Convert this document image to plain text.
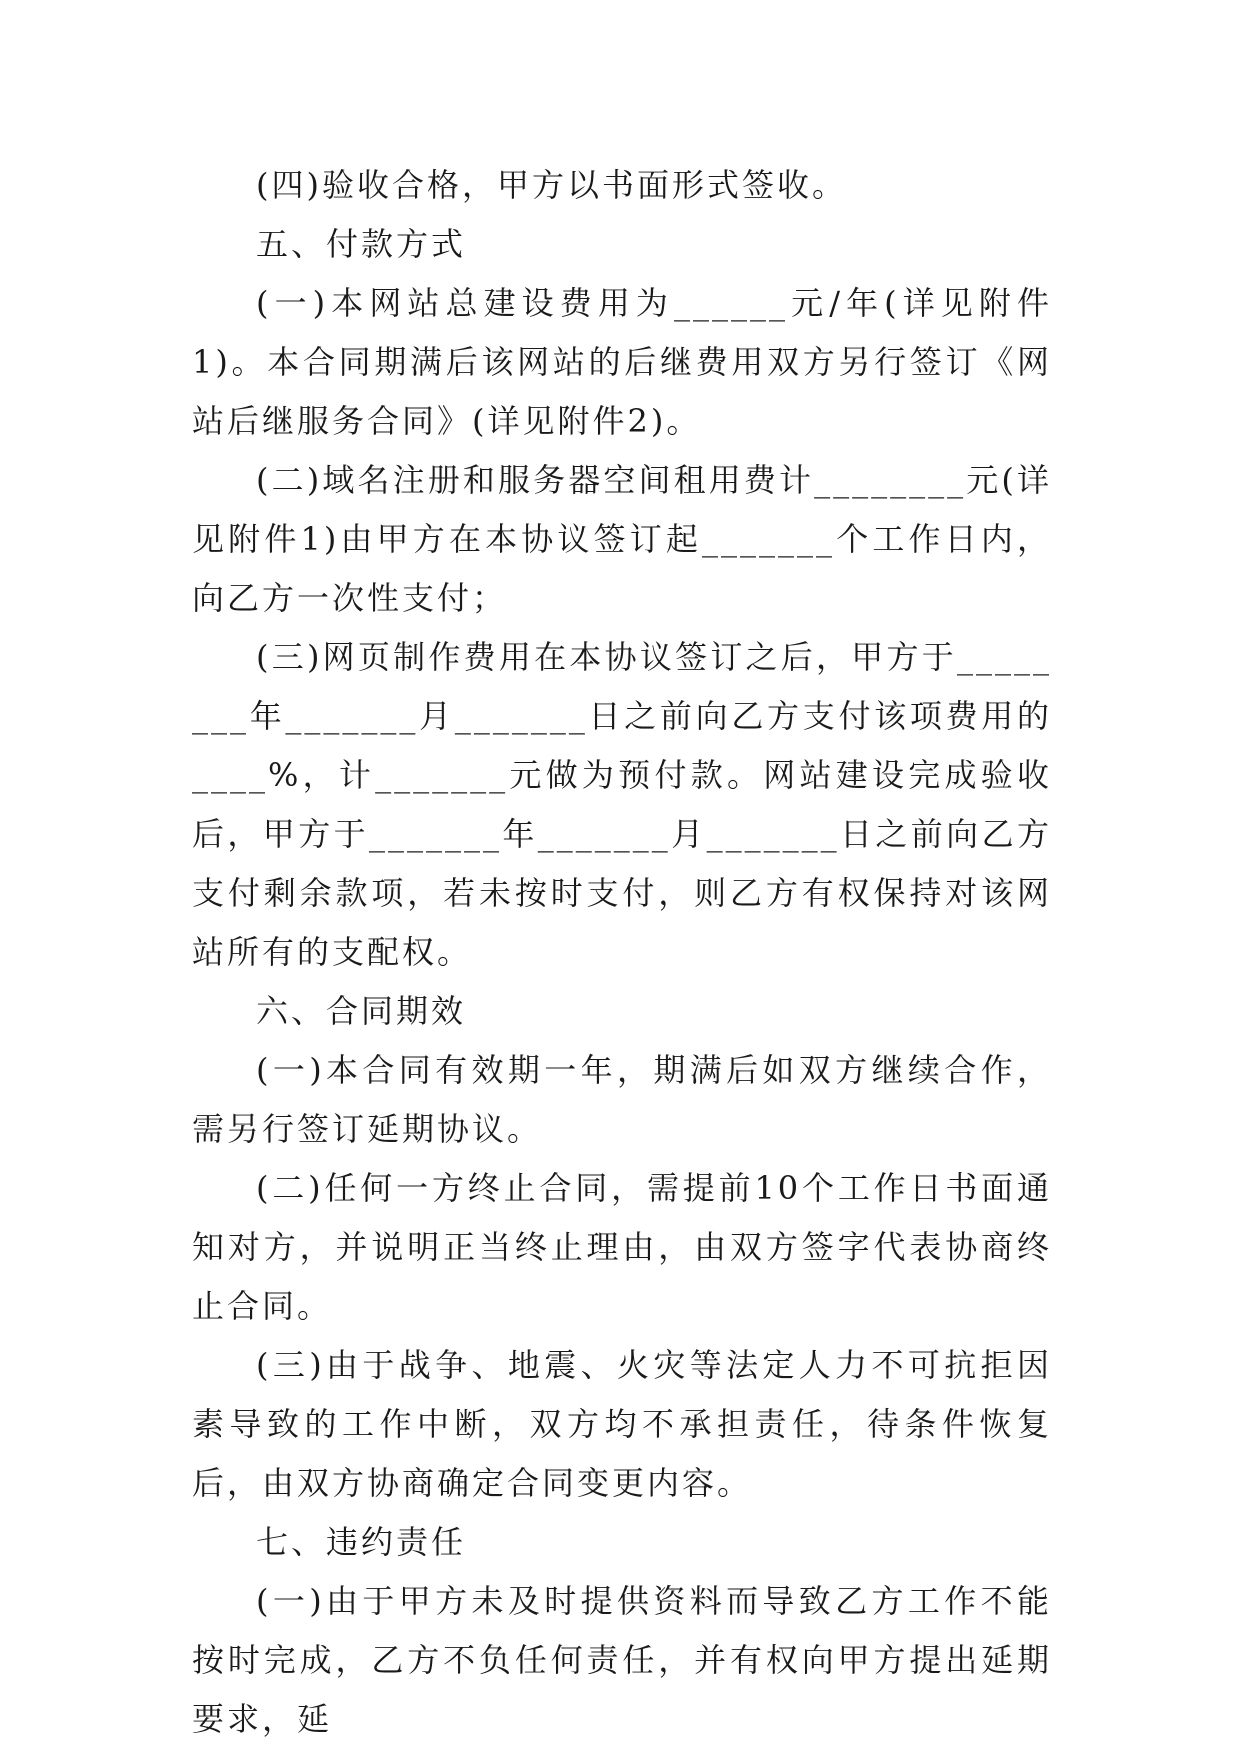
(四)验收合格，甲方以书面形式签收。

五、付款方式

(一)本网站总建设费用为______元/年(详见附件1)。本合同期满后该网站的后继费用双方另行签订《网站后继服务合同》(详见附件2)。

(二)域名注册和服务器空间租用费计________元(详见附件1)由甲方在本协议签订起_______个工作日内，向乙方一次性支付；

(三)网页制作费用在本协议签订之后，甲方于________年_______月_______日之前向乙方支付该项费用的____%，计_______元做为预付款。网站建设完成验收后，甲方于_______年_______月_______日之前向乙方支付剩余款项，若未按时支付，则乙方有权保持对该网站所有的支配权。

六、合同期效

(一)本合同有效期一年，期满后如双方继续合作，需另行签订延期协议。

(二)任何一方终止合同，需提前10个工作日书面通知对方，并说明正当终止理由，由双方签字代表协商终止合同。

(三)由于战争、地震、火灾等法定人力不可抗拒因素导致的工作中断，双方均不承担责任，待条件恢复后，由双方协商确定合同变更内容。

七、违约责任

(一)由于甲方未及时提供资料而导致乙方工作不能按时完成，乙方不负任何责任，并有权向甲方提出延期要求，延
